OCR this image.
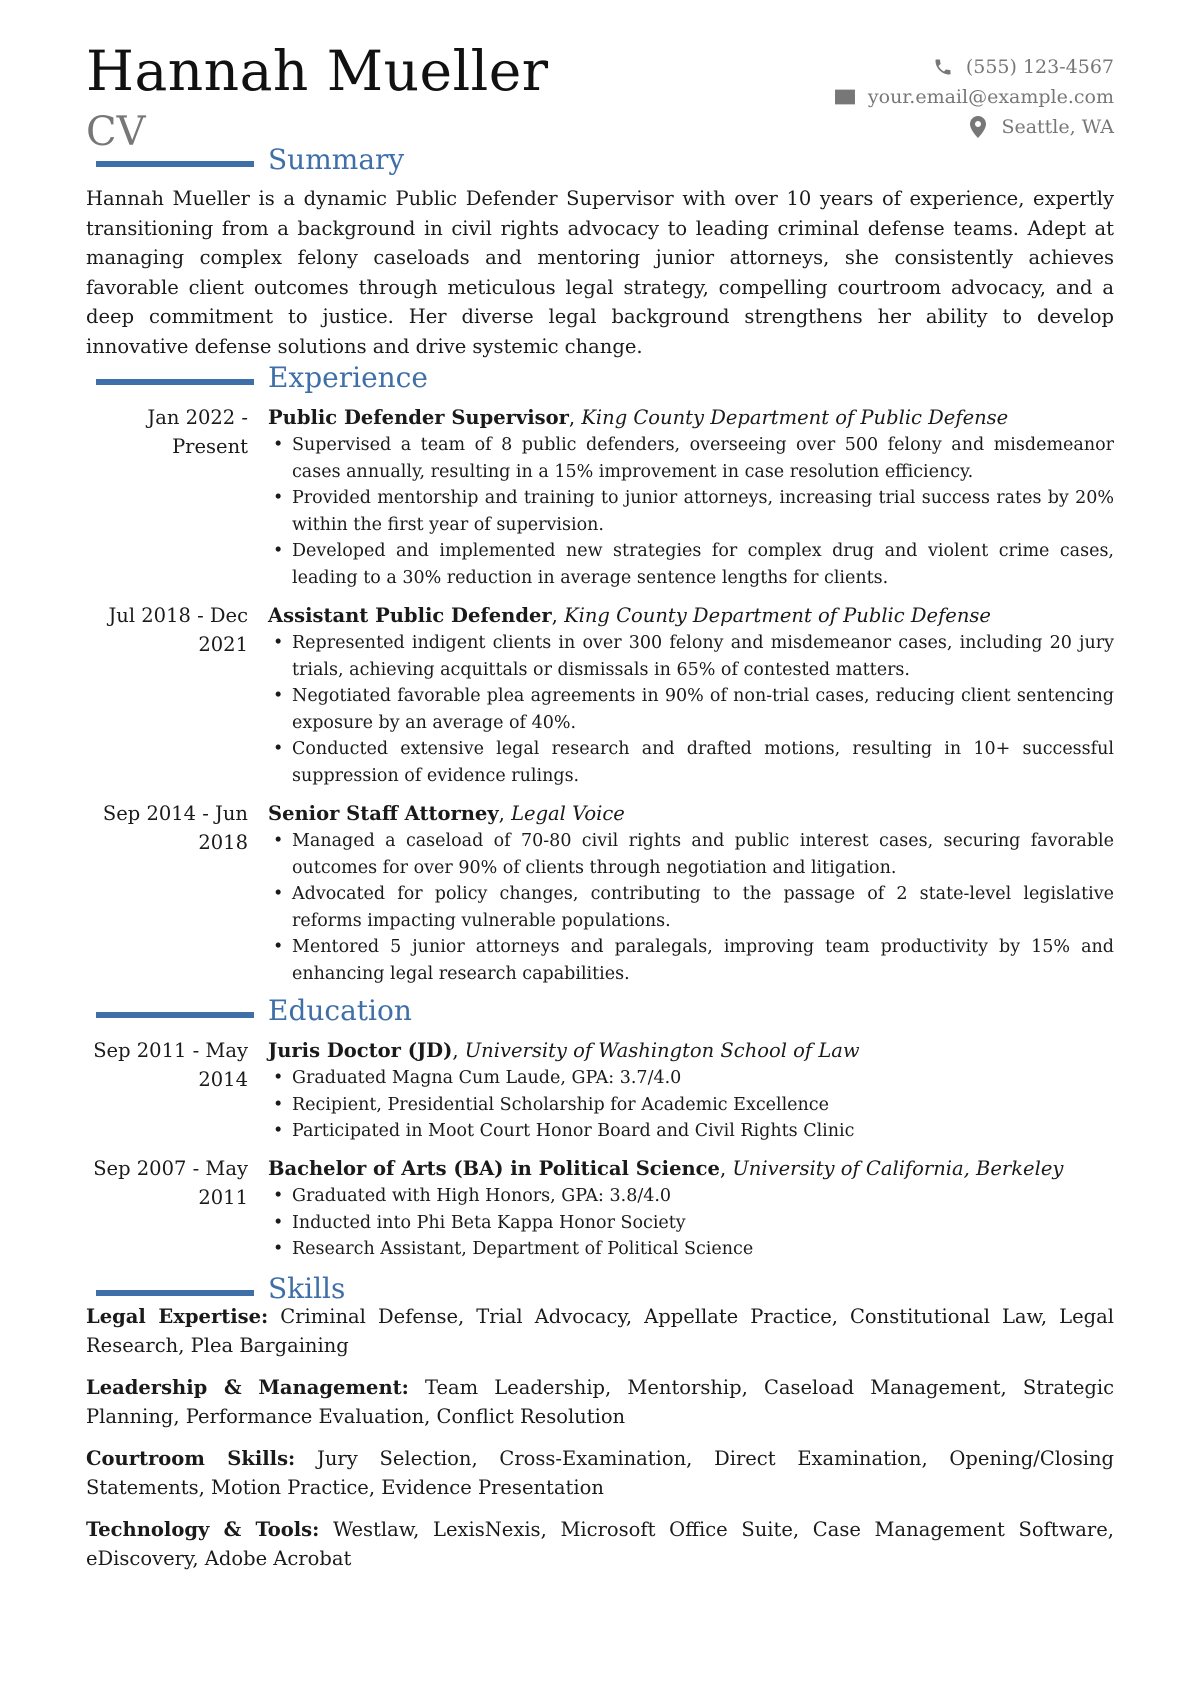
Hannah Mueller
CV
(555) 123-4567
your.email@example.com
Seattle, WA
Summary
Hannah Mueller is a dynamic Public Defender Supervisor with over 10 years of experience, expertly transitioning from a background in civil rights advocacy to leading criminal defense teams. Adept at managing complex felony caseloads and mentoring junior attorneys, she consistently achieves favorable client outcomes through meticulous legal strategy, compelling courtroom advocacy, and a deep commitment to justice. Her diverse legal background strengthens her ability to develop innovative defense solutions and drive systemic change.
Experience
Jan 2022 - Present
Public Defender Supervisor, King County Department of Public Defense
• Supervised a team of 8 public defenders, overseeing over 500 felony and misdemeanor cases annually, resulting in a 15% improvement in case resolution efficiency.
• Provided mentorship and training to junior attorneys, increasing trial success rates by 20% within the first year of supervision.
• Developed and implemented new strategies for complex drug and violent crime cases, leading to a 30% reduction in average sentence lengths for clients.
Jul 2018 - Dec 2021
Assistant Public Defender, King County Department of Public Defense
• Represented indigent clients in over 300 felony and misdemeanor cases, including 20 jury trials, achieving acquittals or dismissals in 65% of contested matters.
• Negotiated favorable plea agreements in 90% of non-trial cases, reducing client sentencing exposure by an average of 40%.
• Conducted extensive legal research and drafted motions, resulting in 10+ successful suppression of evidence rulings.
Sep 2014 - Jun 2018
Senior Staff Attorney, Legal Voice
• Managed a caseload of 70-80 civil rights and public interest cases, securing favorable outcomes for over 90% of clients through negotiation and litigation.
• Advocated for policy changes, contributing to the passage of 2 state-level legislative reforms impacting vulnerable populations.
• Mentored 5 junior attorneys and paralegals, improving team productivity by 15% and enhancing legal research capabilities.
Education
Sep 2011 - May 2014
Juris Doctor (JD), University of Washington School of Law
• Graduated Magna Cum Laude, GPA: 3.7/4.0
• Recipient, Presidential Scholarship for Academic Excellence
• Participated in Moot Court Honor Board and Civil Rights Clinic
Sep 2007 - May 2011
Bachelor of Arts (BA) in Political Science, University of California, Berkeley
• Graduated with High Honors, GPA: 3.8/4.0
• Inducted into Phi Beta Kappa Honor Society
• Research Assistant, Department of Political Science
Skills
Legal Expertise: Criminal Defense, Trial Advocacy, Appellate Practice, Constitutional Law, Legal Research, Plea Bargaining
Leadership & Management: Team Leadership, Mentorship, Caseload Management, Strategic Planning, Performance Evaluation, Conflict Resolution
Courtroom Skills: Jury Selection, Cross-Examination, Direct Examination, Opening/Closing Statements, Motion Practice, Evidence Presentation
Technology & Tools: Westlaw, LexisNexis, Microsoft Office Suite, Case Management Software, eDiscovery, Adobe Acrobat
